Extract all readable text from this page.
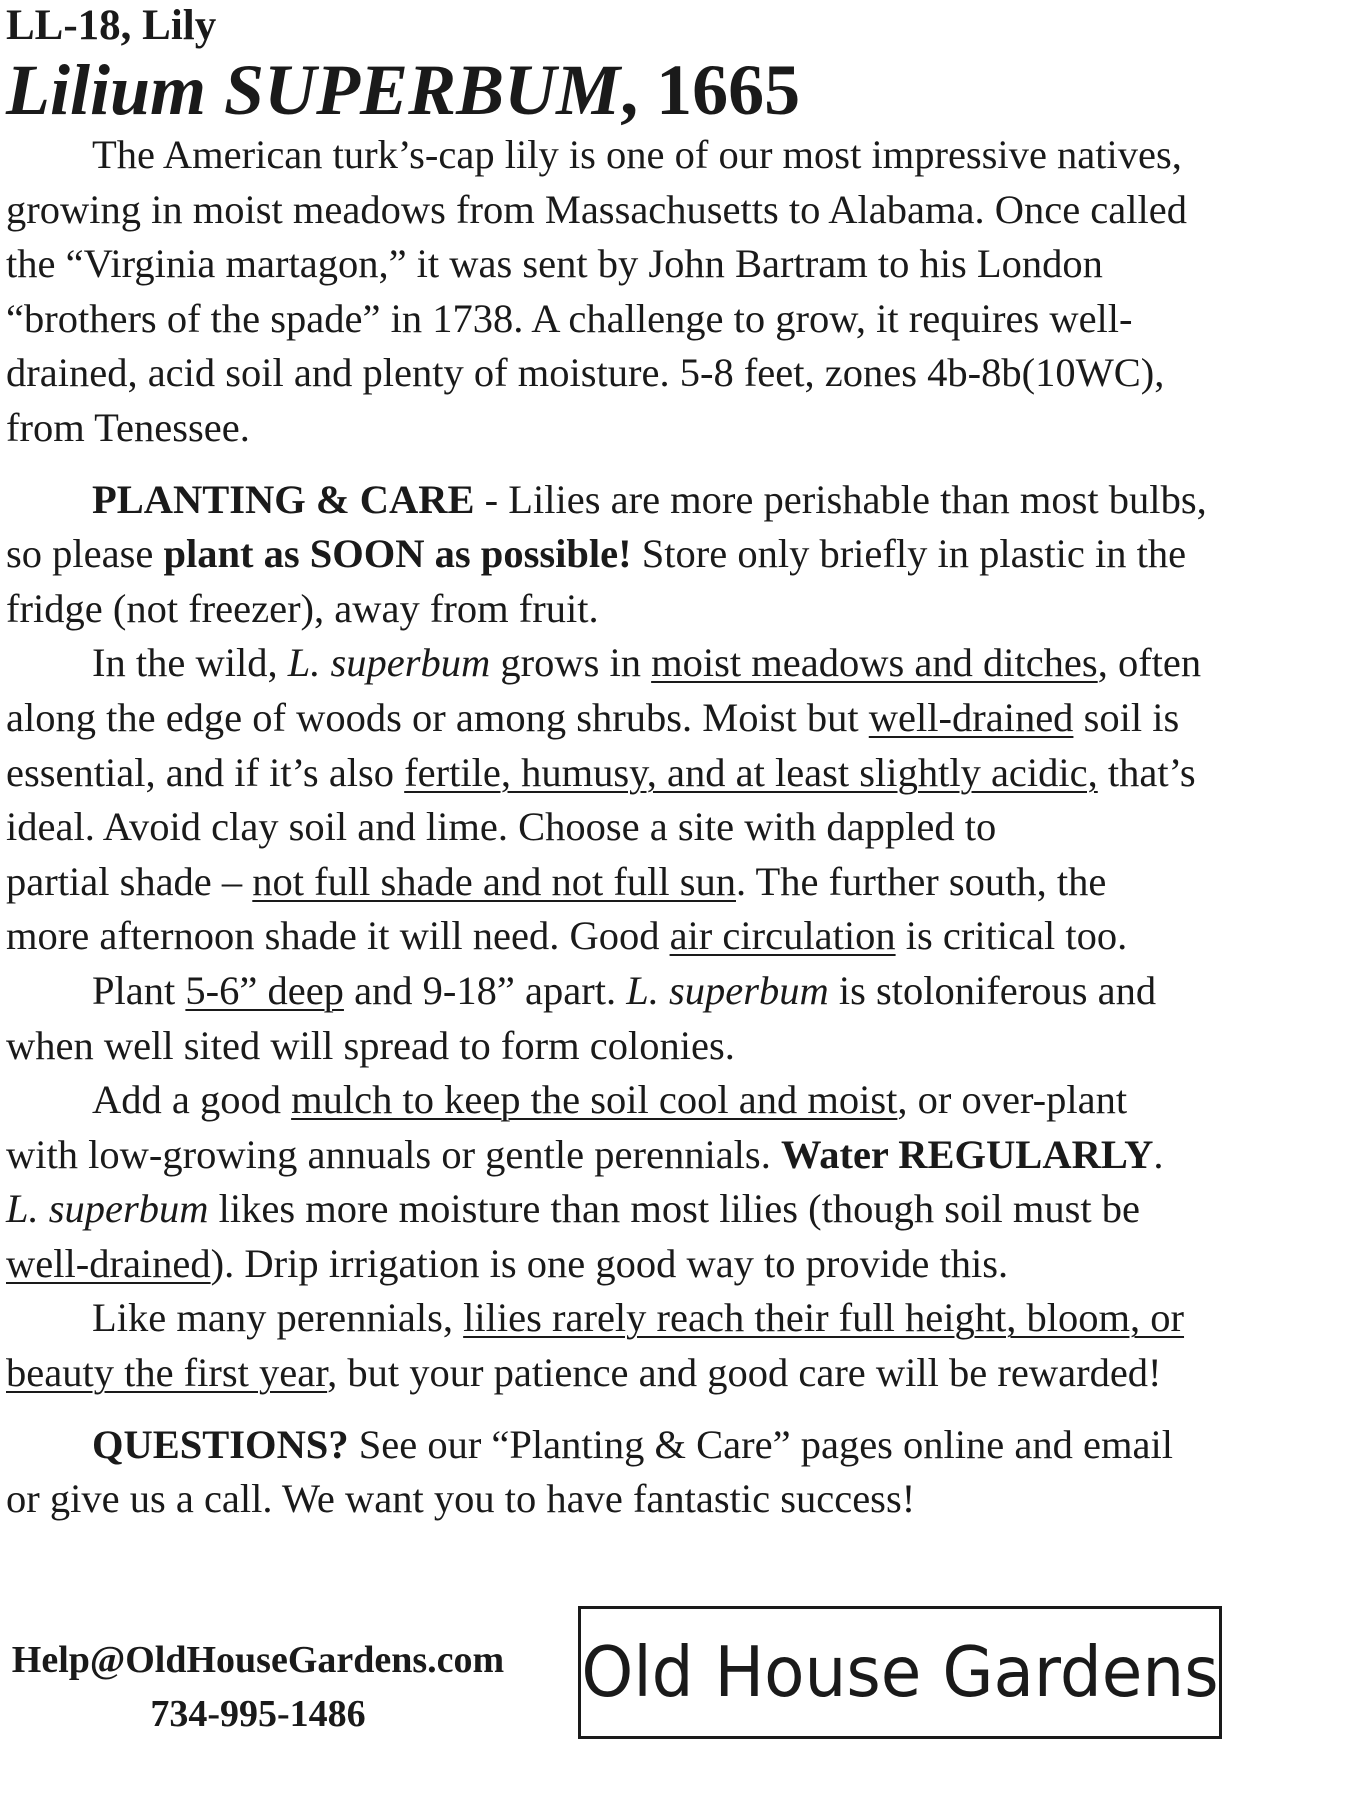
LL-18, Lily
Lilium SUPERBUM, 1665
The American turk’s-cap lily is one of our most impressive natives,
growing in moist meadows from Massachusetts to Alabama. Once called
the “Virginia martagon,” it was sent by John Bartram to his London
“brothers of the spade” in 1738. A challenge to grow, it requires well-
drained, acid soil and plenty of moisture. 5-8 feet, zones 4b-8b(10WC),
from Tenessee.
PLANTING & CARE - Lilies are more perishable than most bulbs,
so please plant as SOON as possible! Store only briefly in plastic in the
fridge (not freezer), away from fruit.
In the wild, L. superbum grows in moist meadows and ditches, often
along the edge of woods or among shrubs. Moist but well-drained soil is
essential, and if it’s also fertile, humusy, and at least slightly acidic, that’s
ideal. Avoid clay soil and lime. Choose a site with dappled to
partial shade – not full shade and not full sun. The further south, the
more afternoon shade it will need. Good air circulation is critical too.
Plant 5-6” deep and 9-18” apart. L. superbum is stoloniferous and
when well sited will spread to form colonies.
Add a good mulch to keep the soil cool and moist, or over-plant
with low-growing annuals or gentle perennials. Water REGULARLY.
L. superbum likes more moisture than most lilies (though soil must be
well-drained). Drip irrigation is one good way to provide this.
Like many perennials, lilies rarely reach their full height, bloom, or
beauty the first year, but your patience and good care will be rewarded!
QUESTIONS? See our “Planting & Care” pages online and email
or give us a call. We want you to have fantastic success!
Help@OldHouseGardens.com
734-995-1486
Old House Gardens
